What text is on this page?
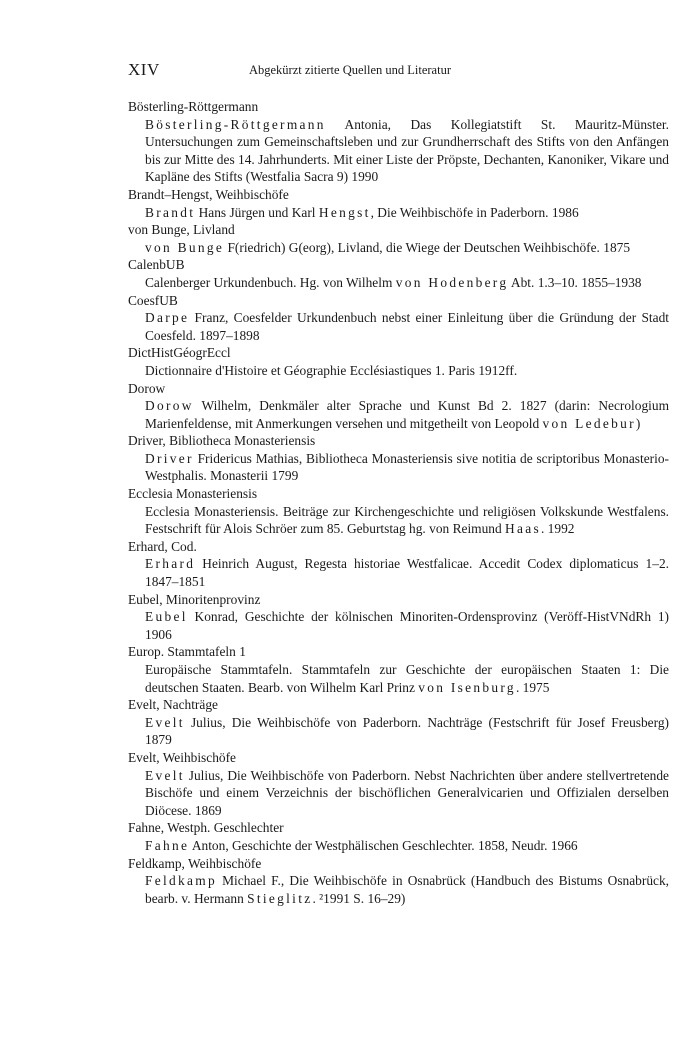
XIV	Abgekürzt zitierte Quellen und Literatur
Bösterling-Röttgermann
Bösterling-Röttgermann Antonia, Das Kollegiatstift St. Mauritz-Münster. Untersuchungen zum Gemeinschaftsleben und zur Grundherrschaft des Stifts von den Anfängen bis zur Mitte des 14. Jahrhunderts. Mit einer Liste der Pröpste, Dechanten, Kanoniker, Vikare und Kapläne des Stifts (Westfalia Sacra 9) 1990
Brandt–Hengst, Weihbischöfe
Brandt Hans Jürgen und Karl Hengst, Die Weihbischöfe in Paderborn. 1986
von Bunge, Livland
von Bunge F(riedrich) G(eorg), Livland, die Wiege der Deutschen Weihbischöfe. 1875
CalenbUB
Calenberger Urkundenbuch. Hg. von Wilhelm von Hodenberg Abt. 1.3–10. 1855–1938
CoesfUB
Darpe Franz, Coesfelder Urkundenbuch nebst einer Einleitung über die Gründung der Stadt Coesfeld. 1897–1898
DictHistGéogrEccl
Dictionnaire d'Histoire et Géographie Ecclésiastiques 1. Paris 1912ff.
Dorow
Dorow Wilhelm, Denkmäler alter Sprache und Kunst Bd 2. 1827 (darin: Necrologium Marienfeldense, mit Anmerkungen versehen und mitgetheilt von Leopold von Ledebur)
Driver, Bibliotheca Monasteriensis
Driver Fridericus Mathias, Bibliotheca Monasteriensis sive notitia de scriptoribus Monasterio-Westphalis. Monasterii 1799
Ecclesia Monasteriensis
Ecclesia Monasteriensis. Beiträge zur Kirchengeschichte und religiösen Volkskunde Westfalens. Festschrift für Alois Schröer zum 85. Geburtstag hg. von Reimund Haas. 1992
Erhard, Cod.
Erhard Heinrich August, Regesta historiae Westfalicae. Accedit Codex diplomaticus 1–2. 1847–1851
Eubel, Minoritenprovinz
Eubel Konrad, Geschichte der kölnischen Minoriten-Ordensprovinz (Veröff-HistVNdRh 1) 1906
Europ. Stammtafeln 1
Europäische Stammtafeln. Stammtafeln zur Geschichte der europäischen Staaten 1: Die deutschen Staaten. Bearb. von Wilhelm Karl Prinz von Isenburg. 1975
Evelt, Nachträge
Evelt Julius, Die Weihbischöfe von Paderborn. Nachträge (Festschrift für Josef Freusberg) 1879
Evelt, Weihbischöfe
Evelt Julius, Die Weihbischöfe von Paderborn. Nebst Nachrichten über andere stellvertretende Bischöfe und einem Verzeichnis der bischöflichen Generalvicarien und Offizialen derselben Diöcese. 1869
Fahne, Westph. Geschlechter
Fahne Anton, Geschichte der Westphälischen Geschlechter. 1858, Neudr. 1966
Feldkamp, Weihbischöfe
Feldkamp Michael F., Die Weihbischöfe in Osnabrück (Handbuch des Bistums Osnabrück, bearb. v. Hermann Stieglitz. ²1991 S. 16–29)
